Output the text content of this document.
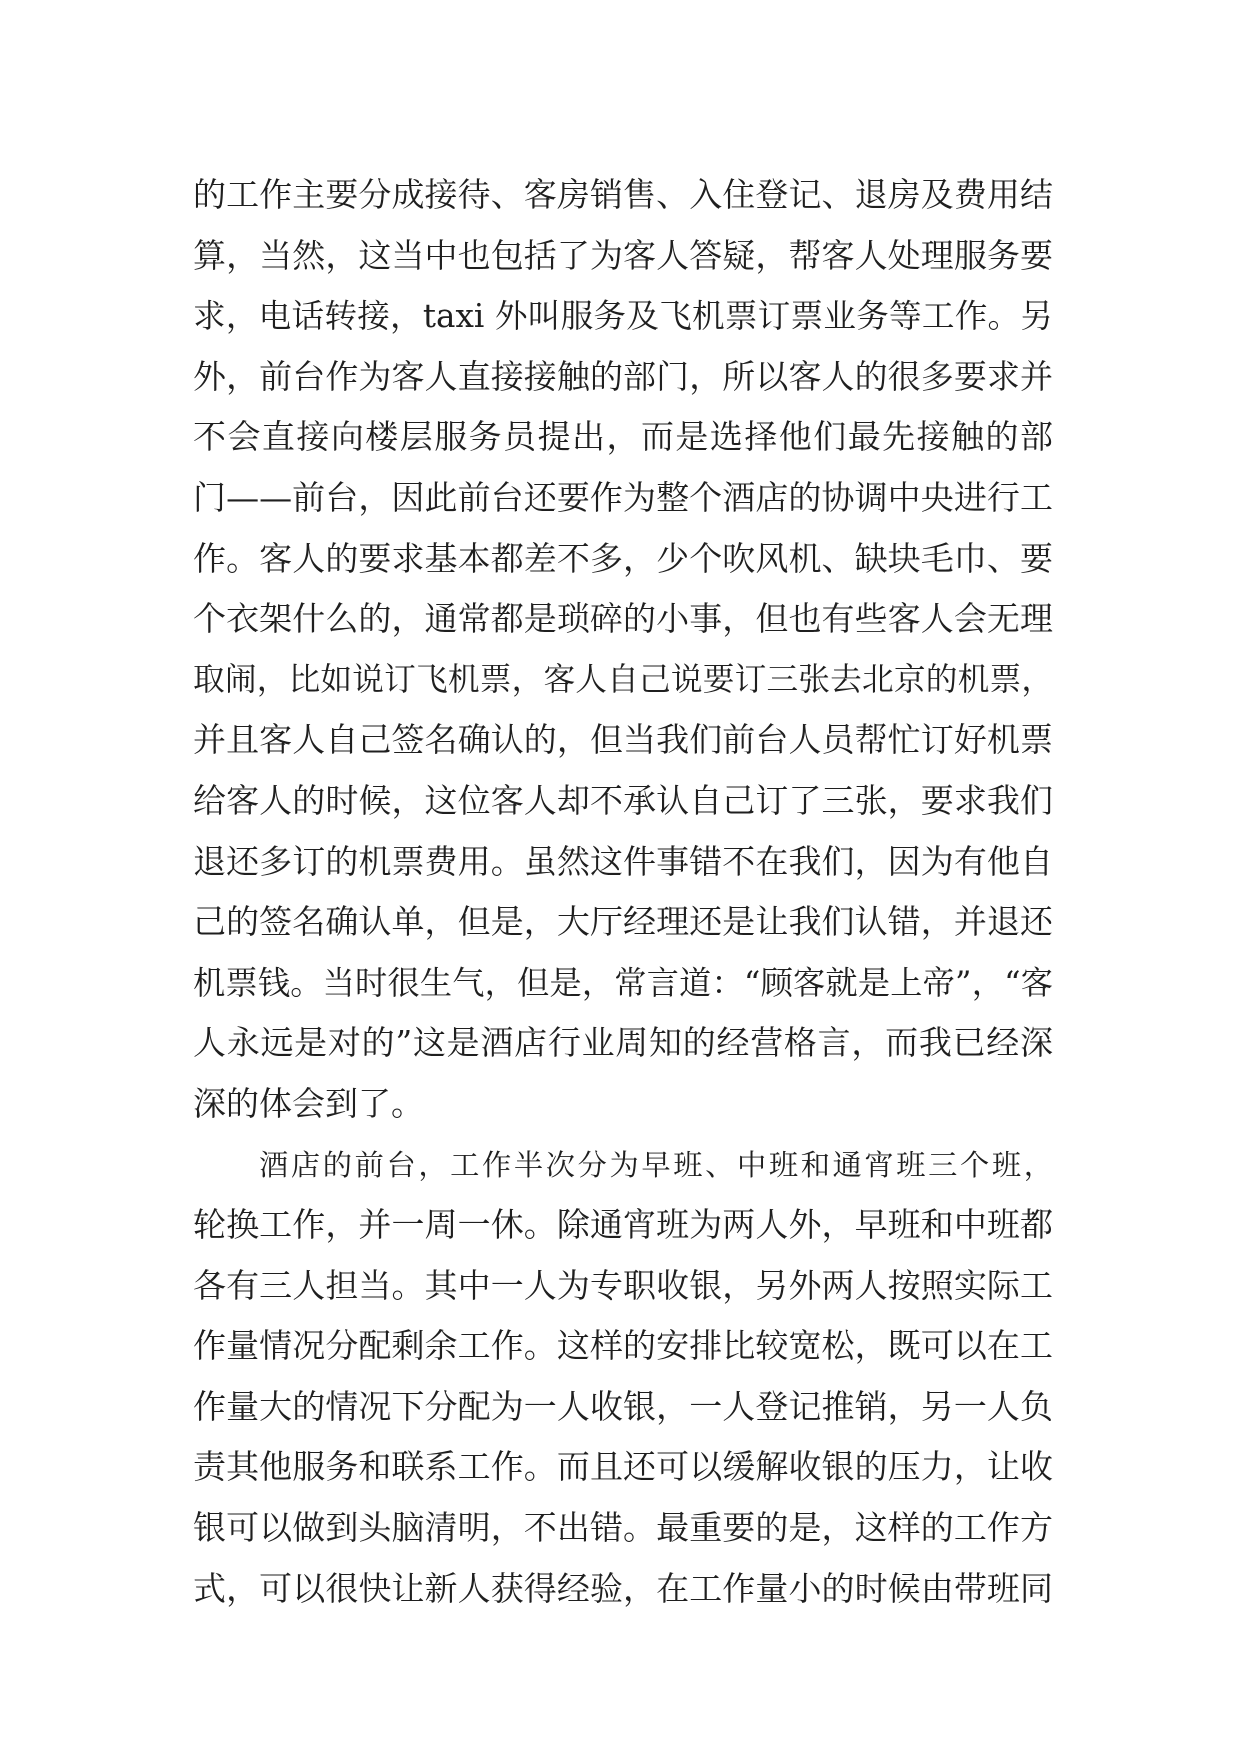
的工作主要分成接待、客房销售、入住登记、退房及费用结
算，当然，这当中也包括了为客人答疑，帮客人处理服务要
求，电话转接，taxi 外叫服务及飞机票订票业务等工作。另
外，前台作为客人直接接触的部门，所以客人的很多要求并
不会直接向楼层服务员提出，而是选择他们最先接触的部
门——前台，因此前台还要作为整个酒店的协调中央进行工
作。客人的要求基本都差不多，少个吹风机、缺块毛巾、要
个衣架什么的，通常都是琐碎的小事，但也有些客人会无理
取闹，比如说订飞机票，客人自己说要订三张去北京的机票，
并且客人自己签名确认的，但当我们前台人员帮忙订好机票
给客人的时候，这位客人却不承认自己订了三张，要求我们
退还多订的机票费用。虽然这件事错不在我们，因为有他自
己的签名确认单，但是，大厅经理还是让我们认错，并退还
机票钱。当时很生气，但是，常言道：“顾客就是上帝”，“客
人永远是对的”这是酒店行业周知的经营格言，而我已经深
深的体会到了。
酒店的前台，工作半次分为早班、中班和通宵班三个班，
轮换工作，并一周一休。除通宵班为两人外，早班和中班都
各有三人担当。其中一人为专职收银，另外两人按照实际工
作量情况分配剩余工作。这样的安排比较宽松，既可以在工
作量大的情况下分配为一人收银，一人登记推销，另一人负
责其他服务和联系工作。而且还可以缓解收银的压力，让收
银可以做到头脑清明，不出错。最重要的是，这样的工作方
式，可以很快让新人获得经验，在工作量小的时候由带班同
